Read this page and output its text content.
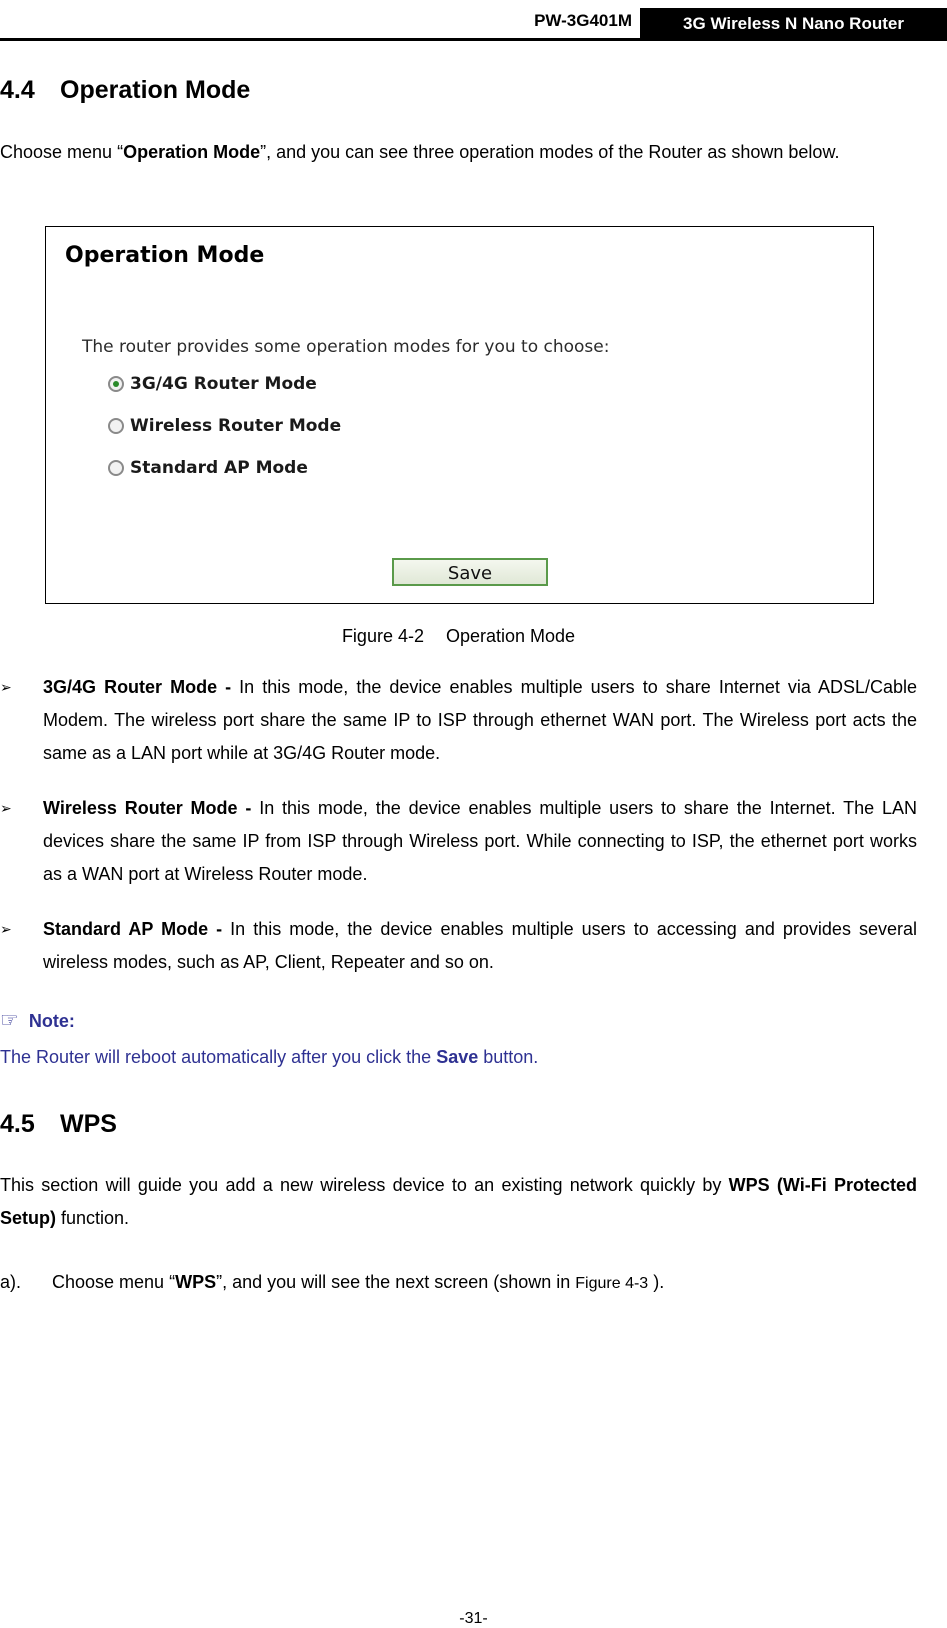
PW-3G401M	3G Wireless N Nano Router
4.4 Operation Mode
Choose menu “Operation Mode”, and you can see three operation modes of the Router as shown below.
Operation Mode
The router provides some operation modes for you to choose:
3G/4G Router Mode
Wireless Router Mode
Standard AP Mode
Save
Figure 4-2 Operation Mode
➢ 3G/4G Router Mode - In this mode, the device enables multiple users to share Internet via ADSL/Cable Modem. The wireless port share the same IP to ISP through ethernet WAN port. The Wireless port acts the same as a LAN port while at 3G/4G Router mode.
➢ Wireless Router Mode - In this mode, the device enables multiple users to share the Internet. The LAN devices share the same IP from ISP through Wireless port. While connecting to ISP, the ethernet port works as a WAN port at Wireless Router mode.
➢ Standard AP Mode - In this mode, the device enables multiple users to accessing and provides several wireless modes, such as AP, Client, Repeater and so on.
☞ Note:
The Router will reboot automatically after you click the Save button.
4.5 WPS
This section will guide you add a new wireless device to an existing network quickly by WPS (Wi-Fi Protected Setup) function.
a). Choose menu “WPS”, and you will see the next screen (shown in Figure 4-3 ).
-31-
